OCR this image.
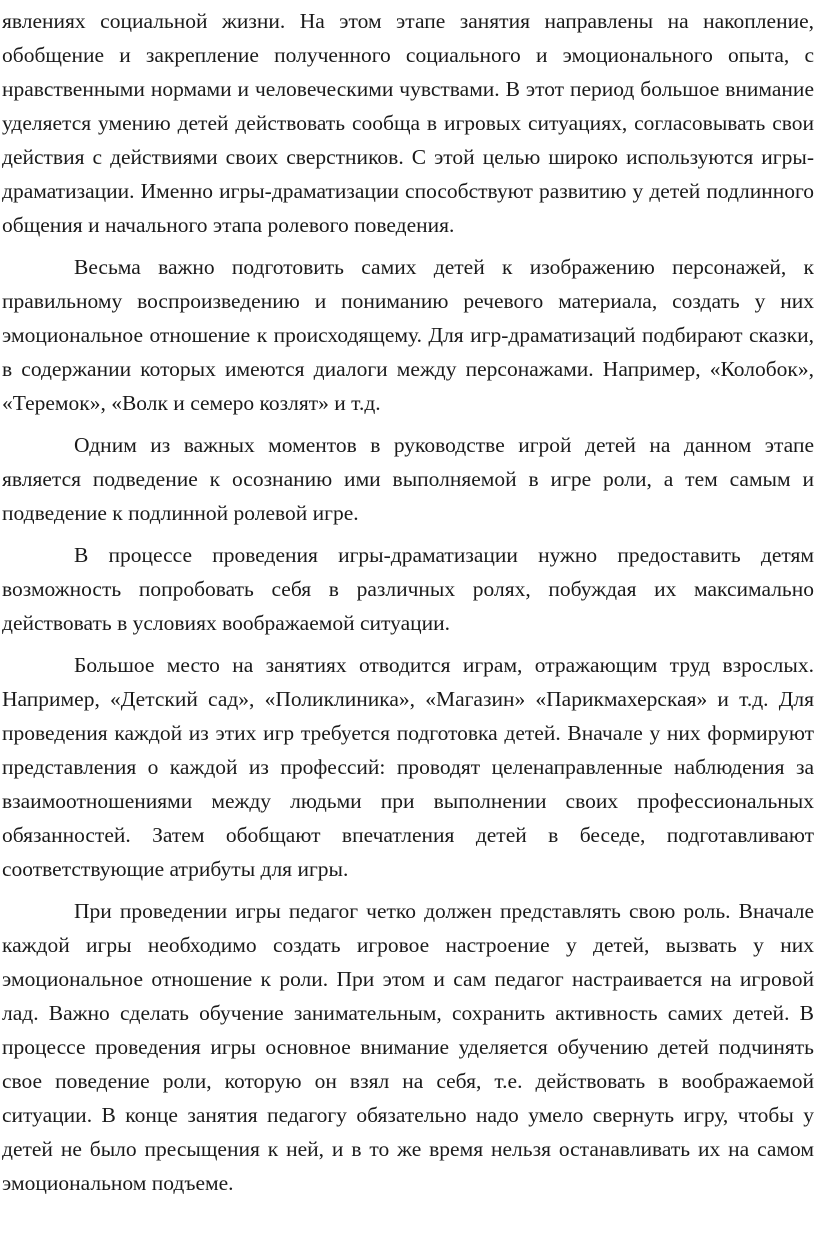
явлениях социальной жизни. На этом этапе занятия направлены на накопление, обобщение и закрепление полученного социального и эмоционального опыта, с нравственными нормами и человеческими чувствами. В этот период большое внимание уделяется умению детей действовать сообща в игровых ситуациях, согласовывать свои действия с действиями своих сверстников. С этой целью широко используются игры-драматизации. Именно игры-драматизации способствуют развитию у детей подлинного общения и начального этапа ролевого поведения.

Весьма важно подготовить самих детей к изображению персонажей, к правильному воспроизведению и пониманию речевого материала, создать у них эмоциональное отношение к происходящему. Для игр-драматизаций подбирают сказки, в содержании которых имеются диалоги между персонажами. Например, «Колобок», «Теремок», «Волк и семеро козлят» и т.д.

Одним из важных моментов в руководстве игрой детей на данном этапе является подведение к осознанию ими выполняемой в игре роли, а тем самым и подведение к подлинной ролевой игре.

В процессе проведения игры-драматизации нужно предоставить детям возможность попробовать себя в различных ролях, побуждая их максимально действовать в условиях воображаемой ситуации.

Большое место на занятиях отводится играм, отражающим труд взрослых. Например, «Детский сад», «Поликлиника», «Магазин» «Парикмахерская» и т.д. Для проведения каждой из этих игр требуется подготовка детей. Вначале у них формируют представления о каждой из профессий: проводят целенаправленные наблюдения за взаимоотношениями между людьми при выполнении своих профессиональных обязанностей. Затем обобщают впечатления детей в беседе, подготавливают соответствующие атрибуты для игры.

При проведении игры педагог четко должен представлять свою роль. Вначале каждой игры необходимо создать игровое настроение у детей, вызвать у них эмоциональное отношение к роли. При этом и сам педагог настраивается на игровой лад. Важно сделать обучение занимательным, сохранить активность самих детей. В процессе проведения игры основное внимание уделяется обучению детей подчинять свое поведение роли, которую он взял на себя, т.е. действовать в воображаемой ситуации. В конце занятия педагогу обязательно надо умело свернуть игру, чтобы у детей не было пресыщения к ней, и в то же время нельзя останавливать их на самом эмоциональном подъеме.
